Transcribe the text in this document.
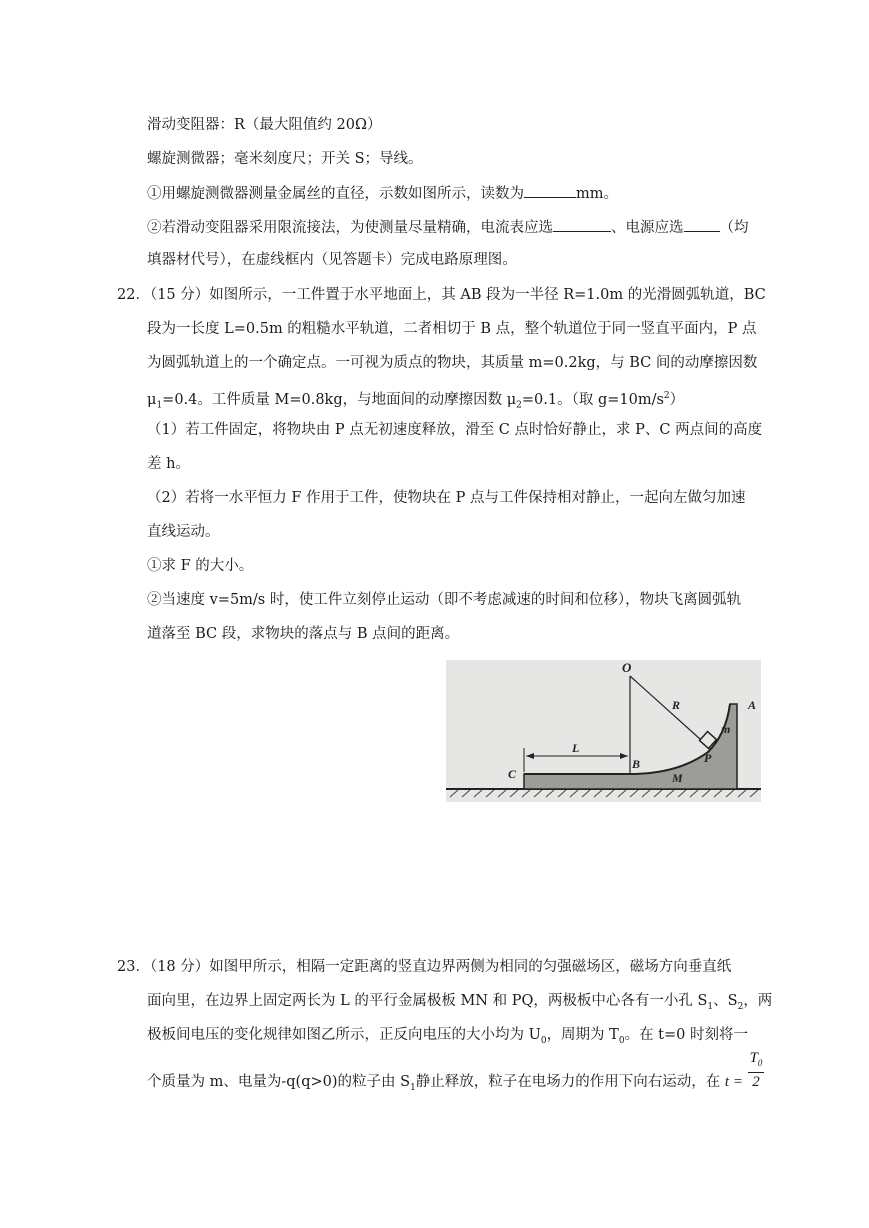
滑动变阻器：R（最大阻值约 20Ω）
螺旋测微器；毫米刻度尺；开关 S；导线。
①用螺旋测微器测量金属丝的直径，示数如图所示，读数为	mm。
②若滑动变阻器采用限流接法，为使测量尽量精确，电流表应选	、电源应选 （均
填器材代号），在虚线框内（见答题卡）完成电路原理图。
22．（15 分）如图所示，一工件置于水平地面上，其 AB 段为一半径 R=1.0m 的光滑圆弧轨道，BC
段为一长度 L=0.5m 的粗糙水平轨道，二者相切于 B 点，整个轨道位于同一竖直平面内，P 点
为圆弧轨道上的一个确定点。一可视为质点的物块，其质量 m=0.2kg，与 BC 间的动摩擦因数
$\mu_1=0.4$。工件质量 M=0.8kg，与地面间的动摩擦因数 $\mu_2=0.1$。（取 $g=10m/s^2$）
（1）若工件固定，将物块由 P 点无初速度释放，滑至 C 点时恰好静止，求 P、C 两点间的高度
差 h。
（2）若将一水平恒力 F 作用于工件，使物块在 P 点与工件保持相对静止，一起向左做匀加速
直线运动。
①求 F 的大小。
②当速度 v=5m/s 时，使工件立刻停止运动（即不考虑减速的时间和位移），物块飞离圆弧轨
道落至 BC 段，求物块的落点与 B 点间的距离。
O
R
m
A
P
B
M
C
L
23．（18 分）如图甲所示，相隔一定距离的竖直边界两侧为相同的匀强磁场区，磁场方向垂直纸
面向里，在边界上固定两长为 L 的平行金属极板 MN 和 PQ，两极板中心各有一小孔 $S_1$、$S_2$，两
极板间电压的变化规律如图乙所示，正反向电压的大小均为 $U_0$，周期为 $T_0$。在 t=0 时刻将一
个质量为 m、电量为-q(q>0)的粒子由 $S_1$静止释放，粒子在电场力的作用下向右运动，在 $t = \frac{T_0}{2}$
